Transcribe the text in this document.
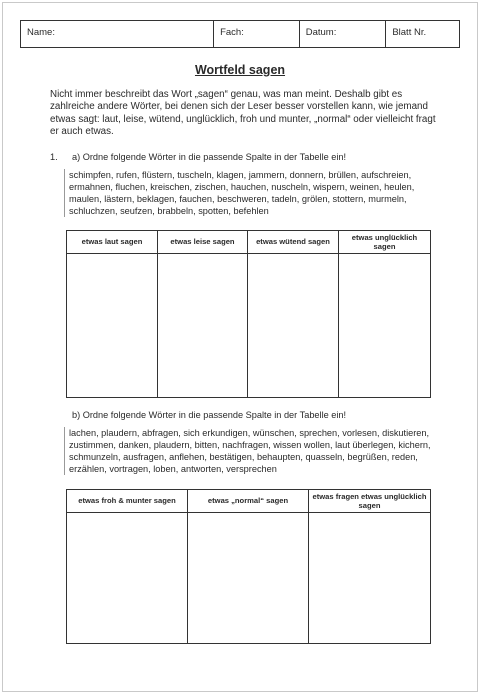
Name:	Fach:	Datum:	Blatt Nr.
Wortfeld sagen
Nicht immer beschreibt das Wort „sagen“ genau, was man meint. Deshalb gibt es zahlreiche andere Wörter, bei denen sich der Leser besser vorstellen kann, wie jemand etwas sagt: laut, leise, wütend, unglücklich, froh und munter, „normal“ oder vielleicht fragt er auch etwas.
1. a) Ordne folgende Wörter in die passende Spalte in der Tabelle ein!
schimpfen, rufen, flüstern, tuscheln, klagen, jammern, donnern, brüllen, aufschreien, ermahnen, fluchen, kreischen, zischen, hauchen, nuscheln, wispern, weinen, heulen, maulen, lästern, beklagen, fauchen, beschweren, tadeln, grölen, stottern, murmeln, schluchzen, seufzen, brabbeln, spotten, befehlen
etwas laut sagen	etwas leise sagen	etwas wütend sagen	etwas unglücklich sagen

b) Ordne folgende Wörter in die passende Spalte in der Tabelle ein!
lachen, plaudern, abfragen, sich erkundigen, wünschen, sprechen, vorlesen, diskutieren, zustimmen, danken, plaudern, bitten, nachfragen, wissen wollen, laut überlegen, kichern, schmunzeln, ausfragen, anflehen, bestätigen, behaupten, quasseln, begrüßen, reden, erzählen, vortragen, loben, antworten, versprechen
etwas froh & munter sagen	etwas „normal“ sagen	etwas fragen etwas unglücklich sagen
